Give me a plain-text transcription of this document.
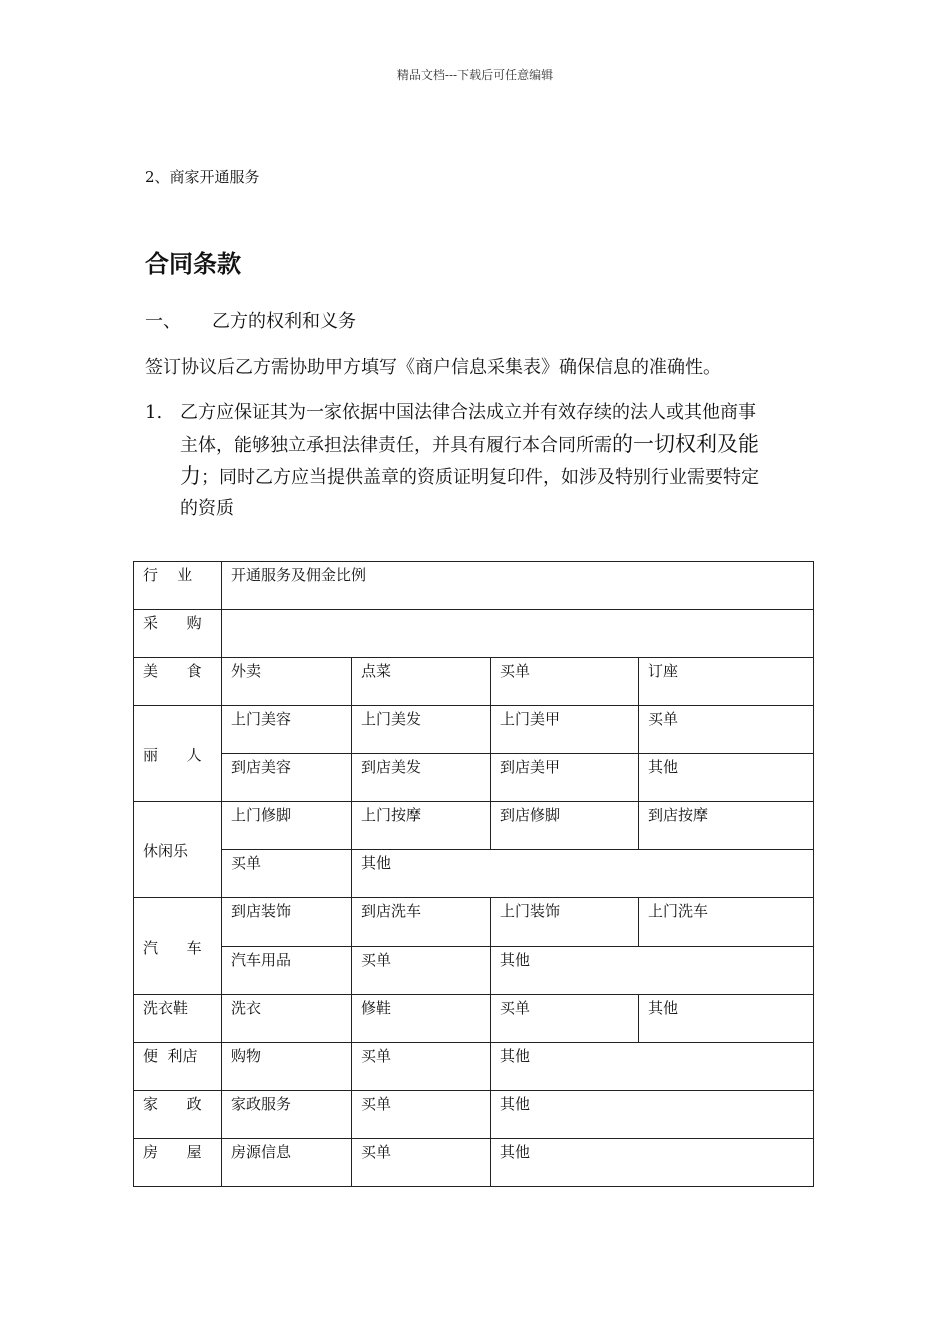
精品文档---下载后可任意编辑
2、商家开通服务
合同条款
一、 乙方的权利和义务
签订协议后乙方需协助甲方填写《商户信息采集表》确保信息的准确性。
1. 乙方应保证其为一家依据中国法律合法成立并有效存续的法人或其他商事
主体，能够独立承担法律责任，并具有履行本合同所需的一切权利及能
力；同时乙方应当提供盖章的资质证明复印件，如涉及特别行业需要特定
的资质
行    业	开通服务及佣金比例			
采      购				
美      食	外卖	点菜	买单	订座
丽      人	上门美容	上门美发	上门美甲	买单
	到店美容	到店美发	到店美甲	其他
休闲乐	上门修脚	上门按摩	到店修脚	到店按摩
	买单	其他		
汽      车	到店装饰	到店洗车	上门装饰	上门洗车
	汽车用品	买单	其他	
洗衣鞋	洗衣	修鞋	买单	其他
便  利店	购物	买单	其他	
家      政	家政服务	买单	其他	
房      屋	房源信息	买单	其他	
